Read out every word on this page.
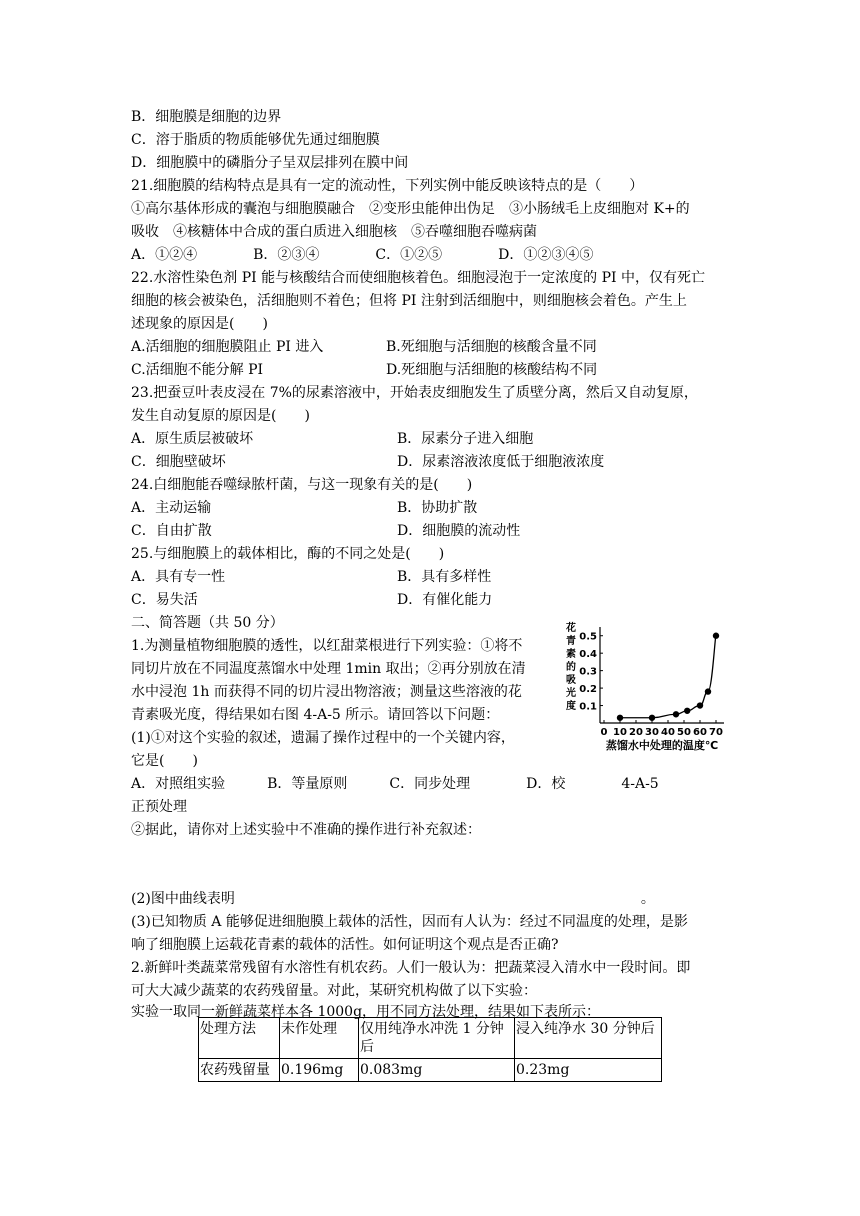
B．细胞膜是细胞的边界
C．溶于脂质的物质能够优先通过细胞膜
D．细胞膜中的磷脂分子呈双层排列在膜中间
21.细胞膜的结构特点是具有一定的流动性，下列实例中能反映该特点的是（　　）
①高尔基体形成的囊泡与细胞膜融合　②变形虫能伸出伪足　③小肠绒毛上皮细胞对 K+的
吸收　④核糖体中合成的蛋白质进入细胞核　⑤吞噬细胞吞噬病菌
A．①②④　　　　B．②③④　　　　C．①②⑤　　　　D．①②③④⑤
22.水溶性染色剂 PI 能与核酸结合而使细胞核着色。细胞浸泡于一定浓度的 PI 中，仅有死亡
细胞的核会被染色，活细胞则不着色；但将 PI 注射到活细胞中，则细胞核会着色。产生上
述现象的原因是(　　)
A.活细胞的细胞膜阻止 PI 进入	B.死细胞与活细胞的核酸含量不同
C.活细胞不能分解 PI	D.死细胞与活细胞的核酸结构不同
23.把蚕豆叶表皮浸在 7%的尿素溶液中，开始表皮细胞发生了质壁分离，然后又自动复原，
发生自动复原的原因是(　　)
A．原生质层被破坏	B．尿素分子进入细胞
C．细胞壁破坏	D．尿素溶液浓度低于细胞液浓度
24.白细胞能吞噬绿脓杆菌，与这一现象有关的是(　　)
A．主动运输	B．协助扩散
C．自由扩散	D．细胞膜的流动性
25.与细胞膜上的载体相比，酶的不同之处是(　　)
A．具有专一性	B．具有多样性
C．易失活	D．有催化能力
二、简答题（共 50 分）
1.为测量植物细胞膜的透性，以红甜菜根进行下列实验：①将不
同切片放在不同温度蒸馏水中处理 1min 取出；②再分别放在清
水中浸泡 1h 而获得不同的切片浸出物溶液；测量这些溶液的花
青素吸光度，得结果如右图 4-A-5 所示。请回答以下问题：
(1)①对这个实验的叙述，遗漏了操作过程中的一个关键内容，
它是(　　)
A．对照组实验　　　B．等量原则　　　C．同步处理　　　　D．校　　　　4-A-5
正预处理
②据此，请你对上述实验中不准确的操作进行补充叙述：
(2)图中曲线表明　　　　　　　　　　　　　　　　　　　　　　　　　　　　　。
(3)已知物质 A 能够促进细胞膜上载体的活性，因而有人认为：经过不同温度的处理，是影
响了细胞膜上运载花青素的载体的活性。如何证明这个观点是否正确?
2.新鲜叶类蔬菜常残留有水溶性有机农药。人们一般认为：把蔬菜浸入清水中一段时间。即
可大大减少蔬菜的农药残留量。对此，某研究机构做了以下实验：
实验一取同一新鲜蔬菜样本各 1000g，用不同方法处理，结果如下表所示：
花
青
素
的
吸
光
度 0.1
0.2
0.3
0.4
0.5
0 10 20 30 40 50 60 70
蒸馏水中处理的温度℃
处理方法	未作处理	仅用纯净水冲洗 1 分钟后	浸入纯净水 30 分钟后
农药残留量	0.196mg	0.083mg	0.23mg
